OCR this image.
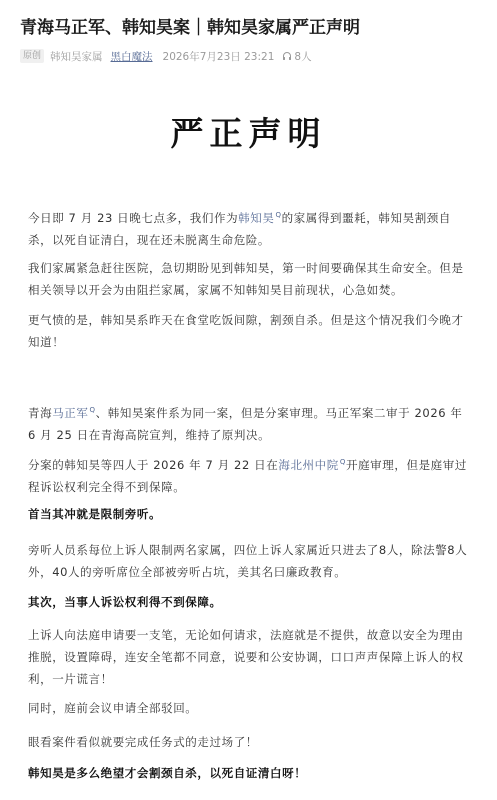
青海马正军、韩知昊案｜韩知昊家属严正声明
原创 韩知昊家属 黑白魔法 2026年7月23日 23:21 8人
严正声明
今日即 7 月 23 日晚七点多，我们作为韩知昊$^Q$的家属得到噩耗，韩知昊割颈自杀，以死自证清白，现在还未脱离生命危险。
我们家属紧急赶往医院，急切期盼见到韩知昊，第一时间要确保其生命安全。但是相关领导以开会为由阻拦家属，家属不知韩知昊目前现状，心急如焚。
更气愤的是，韩知昊系昨天在食堂吃饭间隙，割颈自杀。但是这个情况我们今晚才知道！
青海马正军$^Q$、韩知昊案件系为同一案，但是分案审理。马正军案二审于 2026 年 6 月 25 日在青海高院宣判，维持了原判决。
分案的韩知昊等四人于 2026 年 7 月 22 日在海北州中院$^Q$开庭审理，但是庭审过程诉讼权利完全得不到保障。
首当其冲就是限制旁听。
旁听人员系每位上诉人限制两名家属，四位上诉人家属近只进去了8人，除法警8人外，40人的旁听席位全部被旁听占坑，美其名曰廉政教育。
其次，当事人诉讼权利得不到保障。
上诉人向法庭申请要一支笔，无论如何请求，法庭就是不提供，故意以安全为理由推脱，设置障碍，连安全笔都不同意，说要和公安协调，口口声声保障上诉人的权利，一片谎言！
同时，庭前会议申请全部驳回。
眼看案件看似就要完成任务式的走过场了！
韩知昊是多么绝望才会割颈自杀，以死自证清白呀！
